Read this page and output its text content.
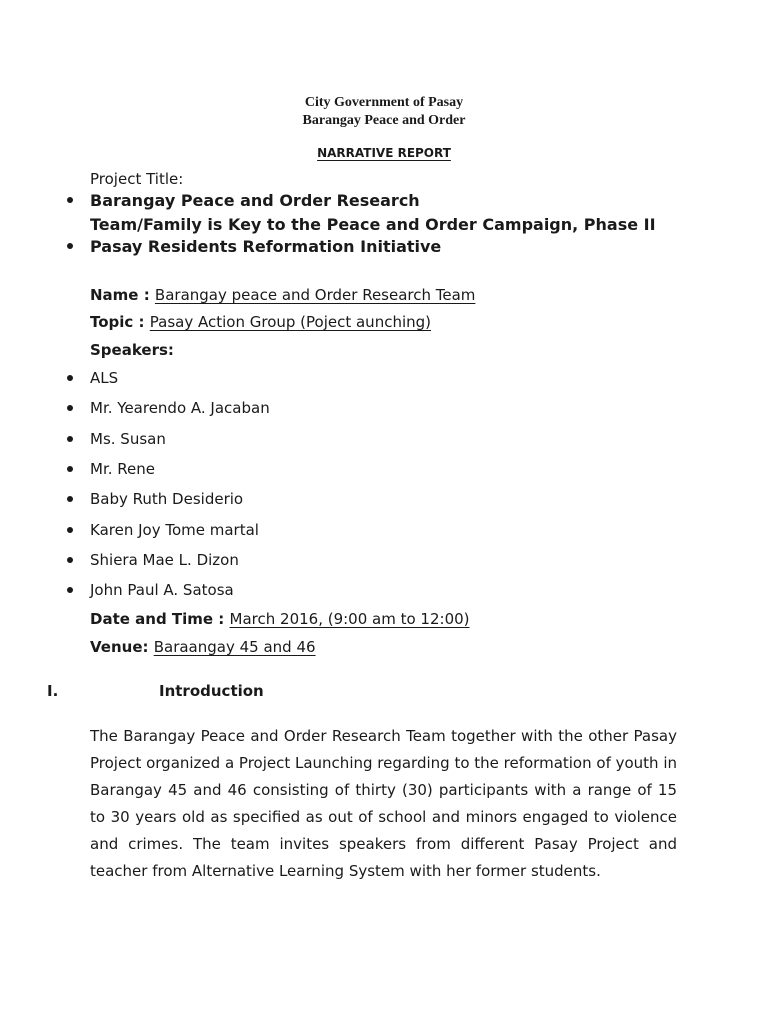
City Government of Pasay
Barangay Peace and Order
NARRATIVE REPORT
Project Title:
Barangay Peace and Order Research
Team/Family is Key to the Peace and Order Campaign, Phase II
Pasay Residents Reformation Initiative
Name : Barangay peace and Order Research Team
Topic : Pasay Action Group (Poject aunching)
Speakers:
ALS
Mr. Yearendo A. Jacaban
Ms. Susan
Mr. Rene
Baby Ruth Desiderio
Karen Joy Tome martal
Shiera Mae L. Dizon
John Paul A. Satosa
Date and Time : March 2016, (9:00 am to 12:00)
Venue: Baraangay 45 and 46
I.	Introduction
The Barangay Peace and Order Research Team together with the other Pasay Project organized a Project Launching regarding to the reformation of youth in Barangay 45 and 46 consisting of thirty (30) participants with a range of 15 to 30 years old as specified as out of school and minors engaged to violence and crimes. The team invites speakers from different Pasay Project and teacher from Alternative Learning System with her former students.
